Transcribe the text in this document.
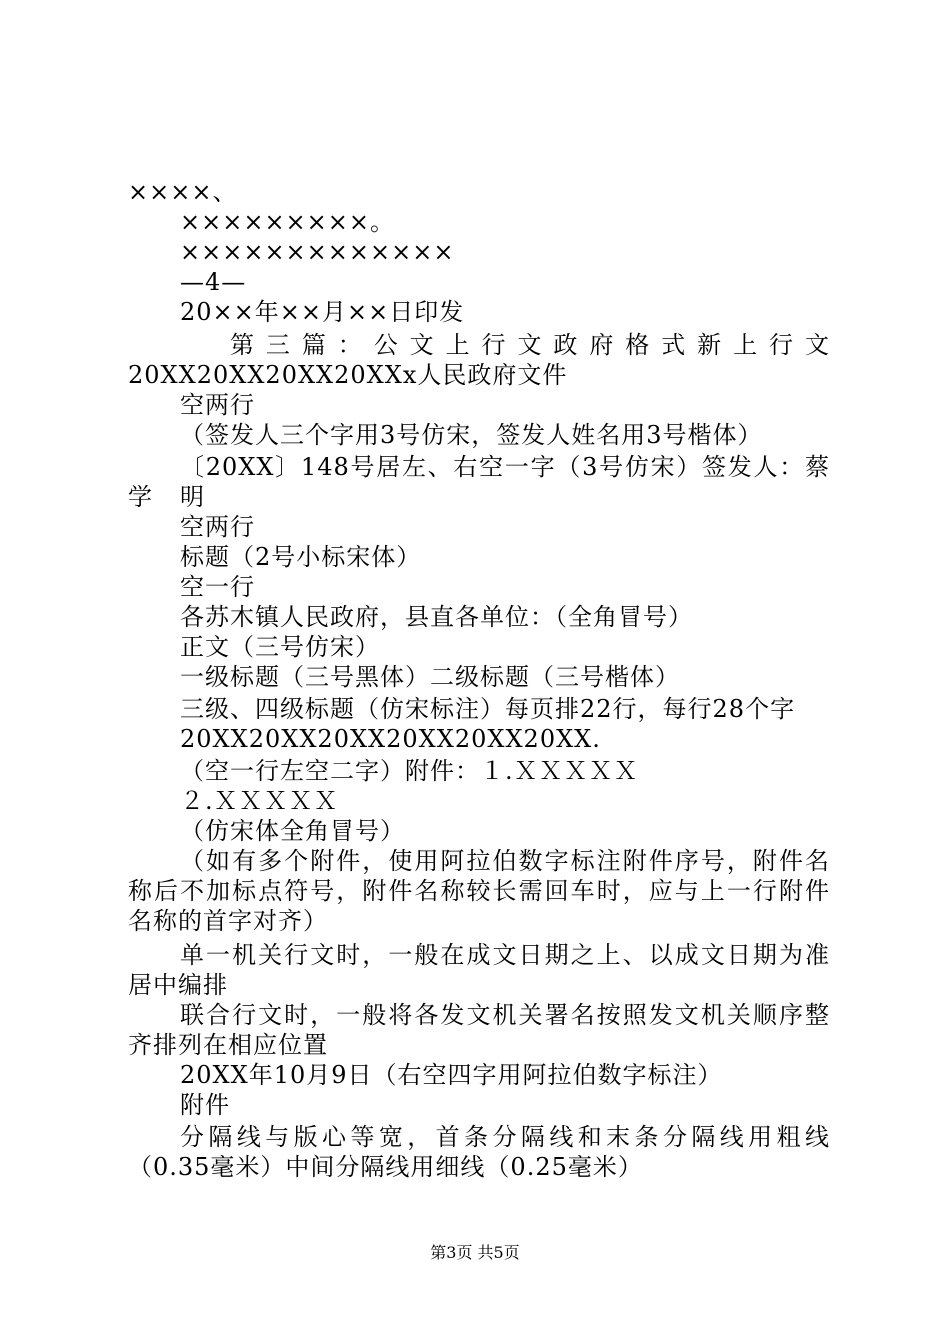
××××、
×××××××××。
×××××××××××××
—4—
20××年××月××日印发
第三篇：公文上行文政府格式新上行文
20XX20XX20XX20XXx人民政府文件
空两行
（签发人三个字用3号仿宋，签发人姓名用3号楷体）
〔20XX〕148号居左、右空一字（3号仿宋）签发人：蔡明
学
空两行
标题（2号小标宋体）
空一行
各苏木镇人民政府，县直各单位：（全角冒号）
正文（三号仿宋）
一级标题（三号黑体）二级标题（三号楷体）
三级、四级标题（仿宋标注）每页排22行，每行28个字
20XX20XX20XX20XX20XX20XX.
（空一行左空二字）附件：１.ＸＸＸＸＸ
２.ＸＸＸＸＸ
（仿宋体全角冒号）
（如有多个附件，使用阿拉伯数字标注附件序号，附件名
称后不加标点符号，附件名称较长需回车时，应与上一行附件
名称的首字对齐）
单一机关行文时，一般在成文日期之上、以成文日期为准
居中编排
联合行文时，一般将各发文机关署名按照发文机关顺序整
齐排列在相应位置
20XX年10月9日（右空四字用阿拉伯数字标注）
附件
分隔线与版心等宽，首条分隔线和末条分隔线用粗线
（0.35毫米）中间分隔线用细线（0.25毫米）
第3页 共5页
